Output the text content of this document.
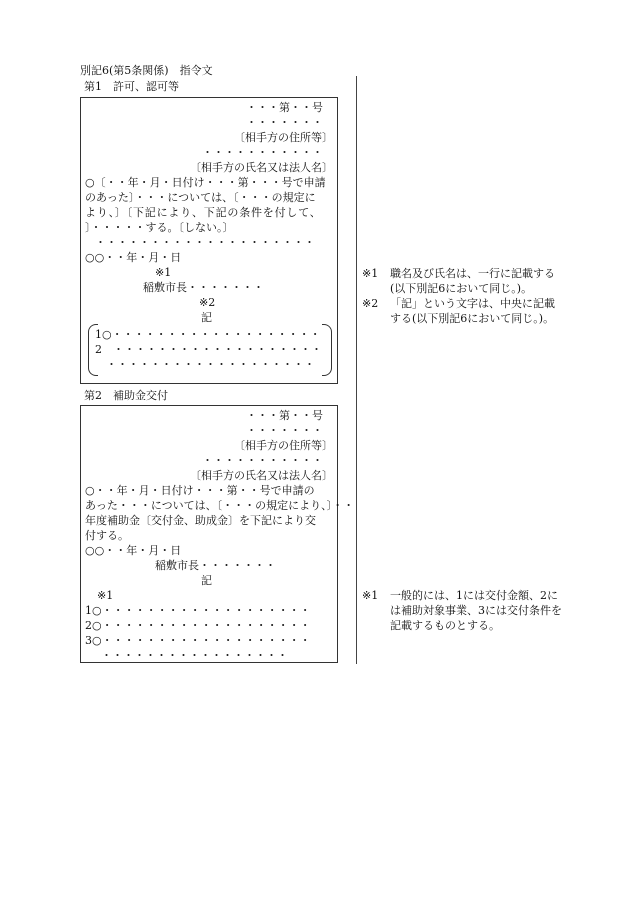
別記6(第5条関係)　指令文
第1　許可、認可等
・・・第・・号
・・・・・・・
〔相手方の住所等〕
・・・・・・・・・・・
〔相手方の氏名又は法人名〕
○〔・・年・月・日付け・・・第・・・号で申請
のあった〕・・・については、〔・・・の規定に
より、〕〔下記により、下記の条件を付して、
〕・・・・・する。〔しない。〕
・・・・・・・・・・・・・・・・・・・・
○○・・年・月・日
※1
稲敷市長・・・・・・・
※2
記
1○・・・・・・・・・・・・・・・・・・・
2　・・・・・・・・・・・・・・・・・・・
　・・・・・・・・・・・・・・・・・・・
第2　補助金交付
・・・第・・号
・・・・・・・
〔相手方の住所等〕
・・・・・・・・・・・
〔相手方の氏名又は法人名〕
○・・年・月・日付け・・・第・・号で申請の
あった・・・については、〔・・・の規定により、〕・・
年度補助金〔交付金、助成金〕を下記により交
付する。
○○・・年・月・日
稲敷市長・・・・・・・
記
※1
1○・・・・・・・・・・・・・・・・・・・
2○・・・・・・・・・・・・・・・・・・・
3○・・・・・・・・・・・・・・・・・・・
・・・・・・・・・・・・・・・・・
※1	職名及び氏名は、一行に記載する(以下別記6において同じ。)。
※2	「記」という文字は、中央に記載する(以下別記6において同じ。)。
※1	一般的には、1には交付金額、2には補助対象事業、3には交付条件を記載するものとする。
